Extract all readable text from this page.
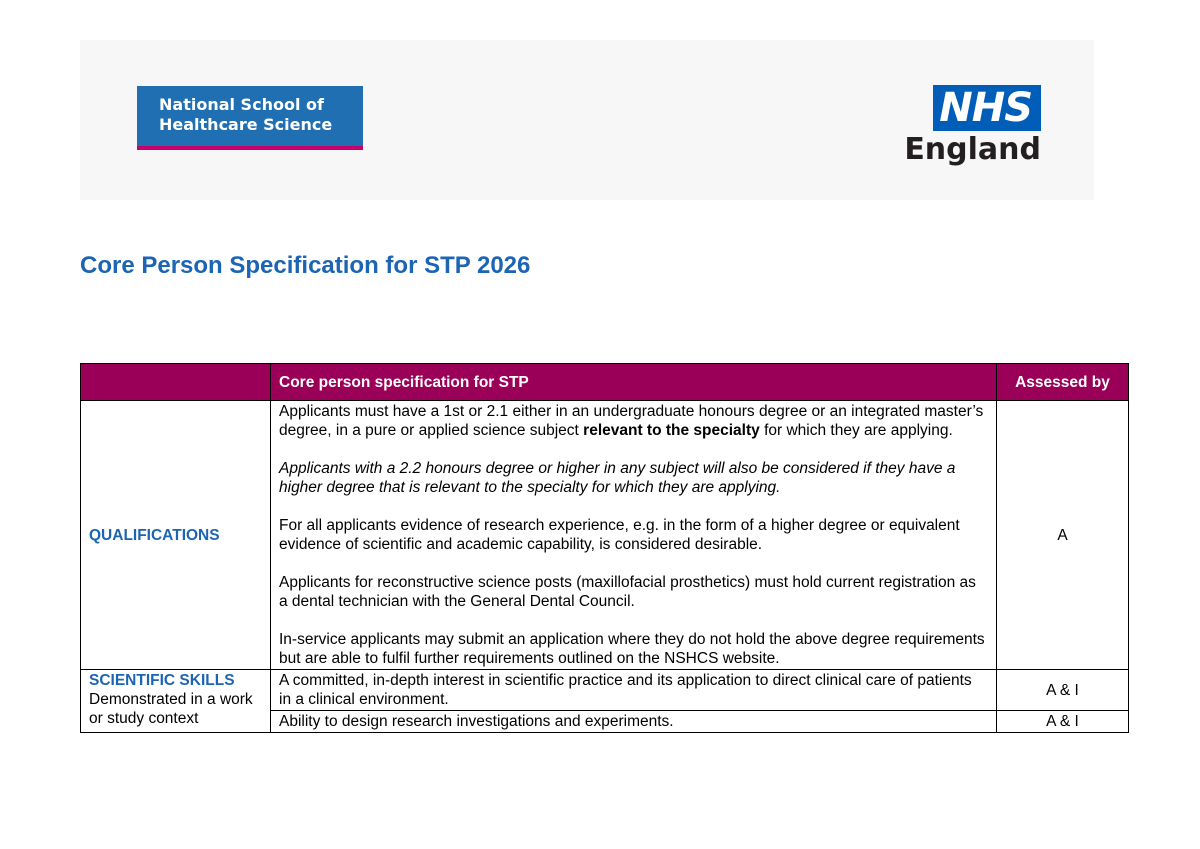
National School of
Healthcare Science	NHS
England
Core Person Specification for STP 2026
	Core person specification for STP	Assessed by
QUALIFICATIONS	Applicants must have a 1st or 2.1 either in an undergraduate honours degree or an integrated master’s degree, in a pure or applied science subject relevant to the specialty for which they are applying.

Applicants with a 2.2 honours degree or higher in any subject will also be considered if they have a higher degree that is relevant to the specialty for which they are applying.

For all applicants evidence of research experience, e.g. in the form of a higher degree or equivalent evidence of scientific and academic capability, is considered desirable.

Applicants for reconstructive science posts (maxillofacial prosthetics) must hold current registration as a dental technician with the General Dental Council.

In-service applicants may submit an application where they do not hold the above degree requirements but are able to fulfil further requirements outlined on the NSHCS website.	A

SCIENTIFIC SKILLS
Demonstrated in a work or study context	A committed, in-depth interest in scientific practice and its application to direct clinical care of patients in a clinical environment.	A & I
	Ability to design research investigations and experiments.	A & I
